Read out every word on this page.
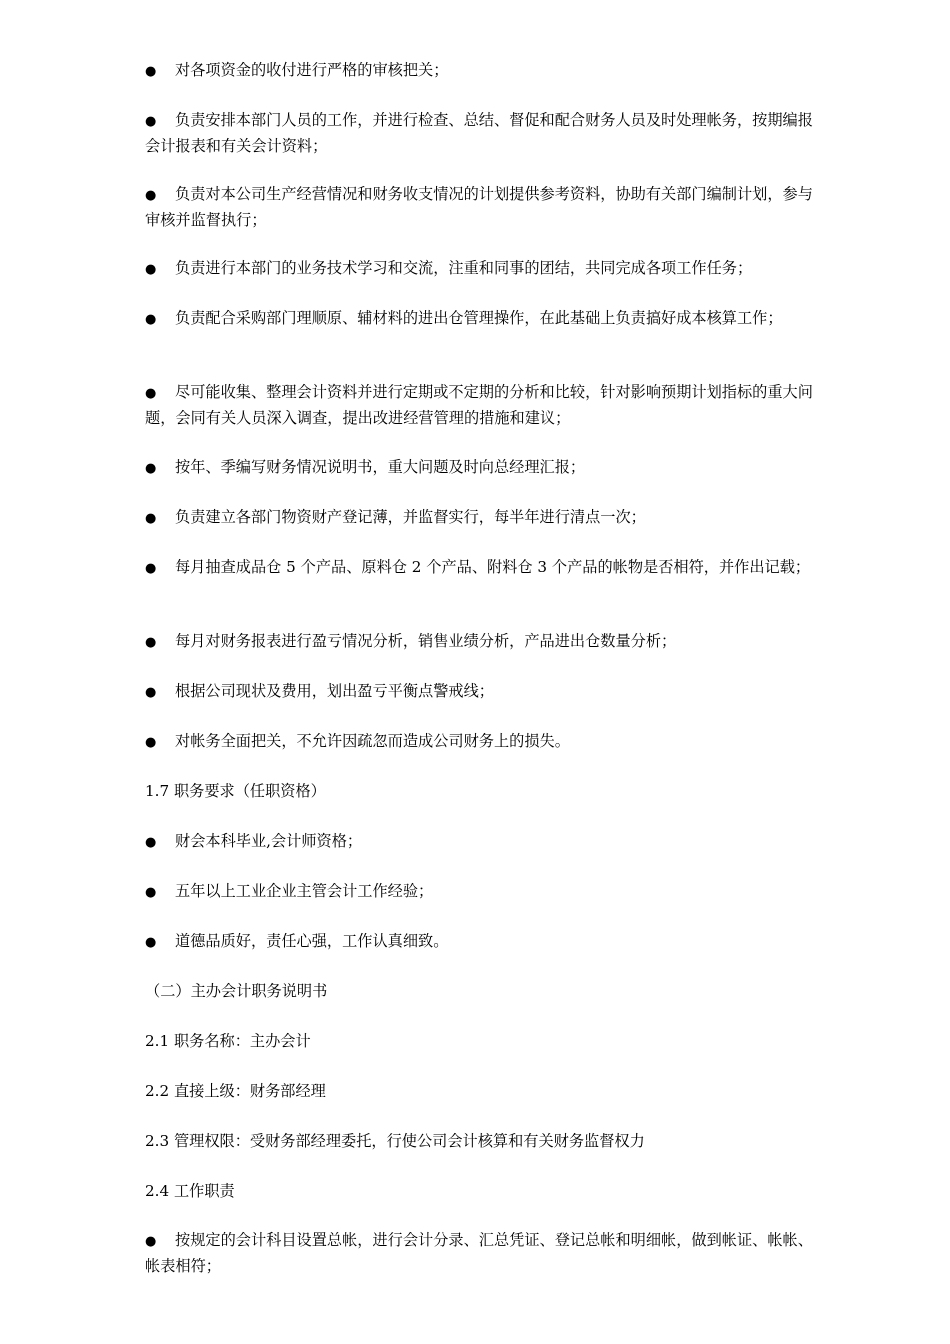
● 对各项资金的收付进行严格的审核把关；
● 负责安排本部门人员的工作，并进行检查、总结、督促和配合财务人员及时处理帐务，按期编报会计报表和有关会计资料；
● 负责对本公司生产经营情况和财务收支情况的计划提供参考资料，协助有关部门编制计划，参与审核并监督执行；
● 负责进行本部门的业务技术学习和交流，注重和同事的团结，共同完成各项工作任务；
● 负责配合采购部门理顺原、辅材料的进出仓管理操作，在此基础上负责搞好成本核算工作；
● 尽可能收集、整理会计资料并进行定期或不定期的分析和比较，针对影响预期计划指标的重大问题，会同有关人员深入调查，提出改进经营管理的措施和建议；
● 按年、季编写财务情况说明书，重大问题及时向总经理汇报；
● 负责建立各部门物资财产登记薄，并监督实行，每半年进行清点一次；
● 每月抽查成品仓 5 个产品、原料仓 2 个产品、附料仓 3 个产品的帐物是否相符，并作出记载；
● 每月对财务报表进行盈亏情况分析，销售业绩分析，产品进出仓数量分析；
● 根据公司现状及费用，划出盈亏平衡点警戒线；
● 对帐务全面把关，不允许因疏忽而造成公司财务上的损失。
1.7 职务要求（任职资格）
● 财会本科毕业,会计师资格；
● 五年以上工业企业主管会计工作经验；
● 道德品质好，责任心强，工作认真细致。
（二）主办会计职务说明书
2.1 职务名称：主办会计
2.2 直接上级：财务部经理
2.3 管理权限：受财务部经理委托，行使公司会计核算和有关财务监督权力
2.4 工作职责
● 按规定的会计科目设置总帐，进行会计分录、汇总凭证、登记总帐和明细帐，做到帐证、帐帐、帐表相符；
